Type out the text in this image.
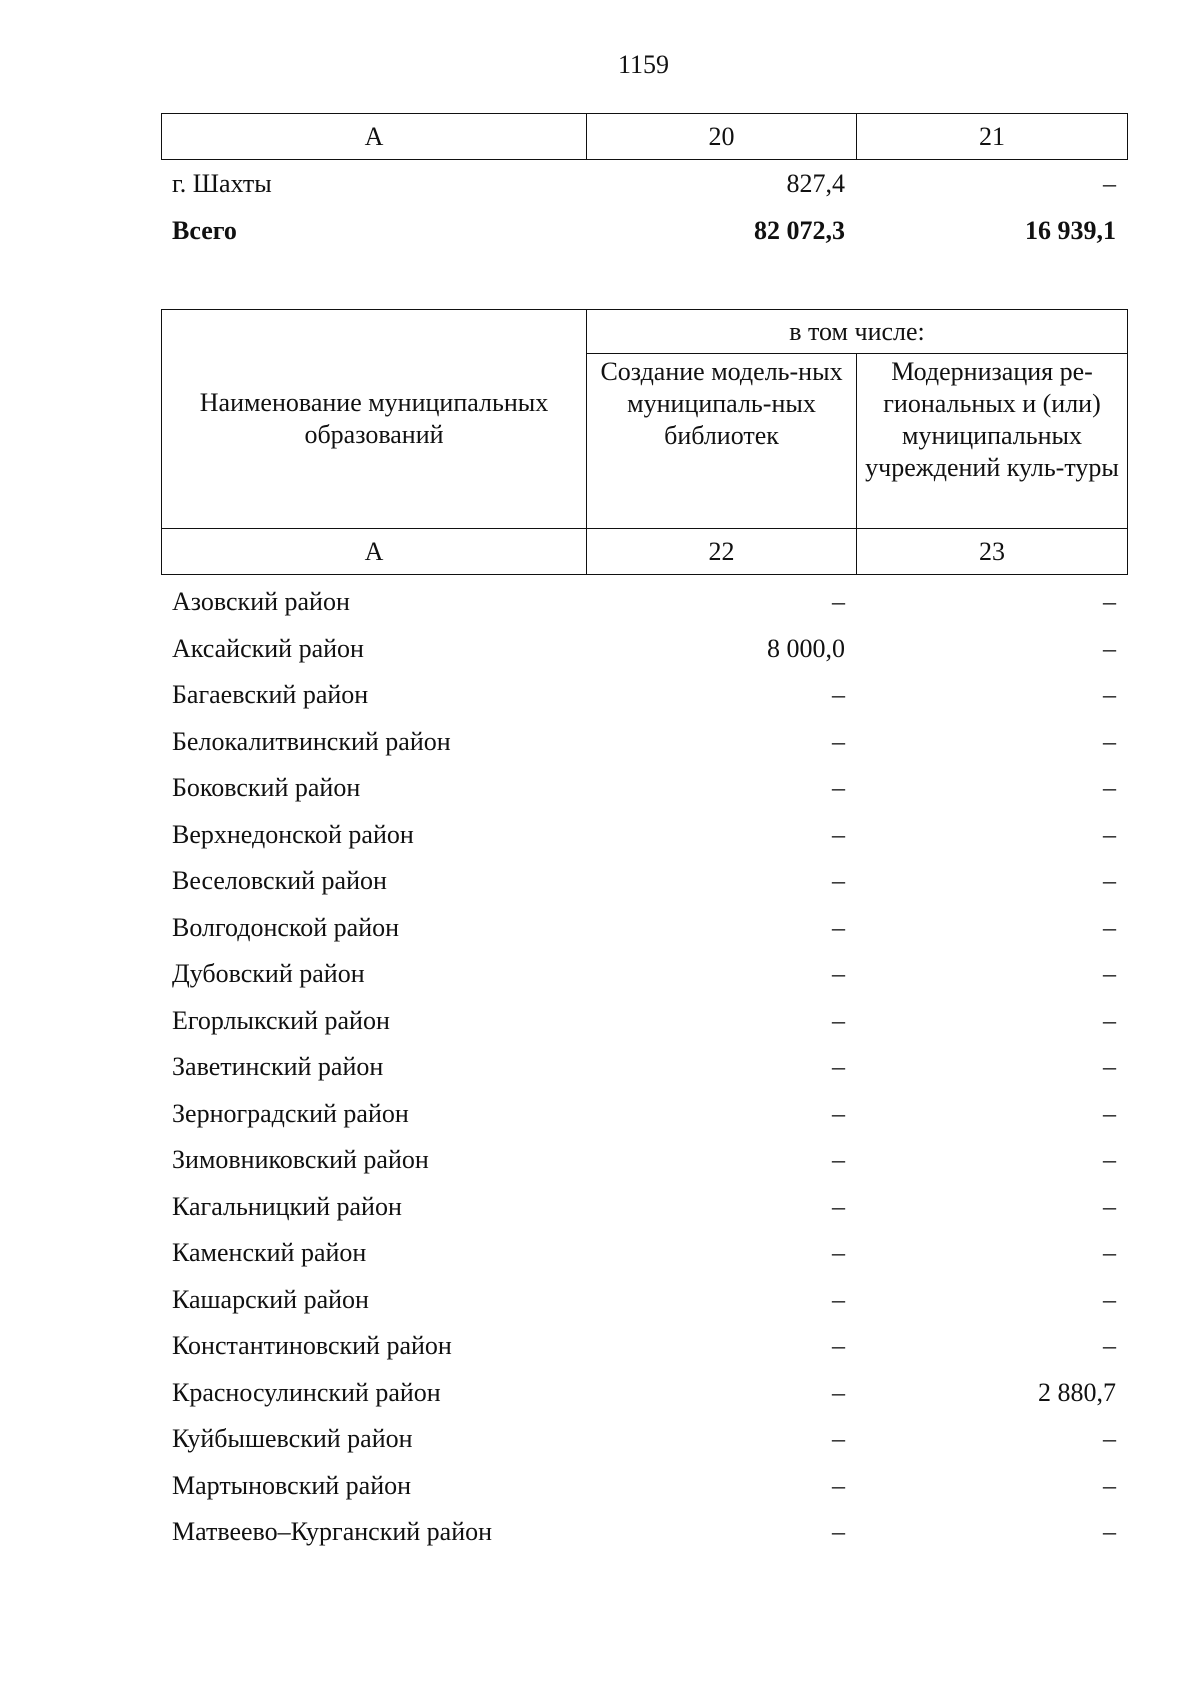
1159
А	20	21
г. Шахты	827,4	–
Всего	82 072,3	16 939,1
Наименование муниципальных образований	в том числе:	
	Создание модель-ных муниципаль-ных библиотек	Модернизация ре-гиональных и (или) муниципальных учреждений куль-туры
А	22	23
Азовский район	–	–
Аксайский район	8 000,0	–
Багаевский район	–	–
Белокалитвинский район	–	–
Боковский район	–	–
Верхнедонской район	–	–
Веселовский район	–	–
Волгодонской район	–	–
Дубовский район	–	–
Егорлыкский район	–	–
Заветинский район	–	–
Зерноградский район	–	–
Зимовниковский район	–	–
Кагальницкий район	–	–
Каменский район	–	–
Кашарский район	–	–
Константиновский район	–	–
Красносулинский район	–	2 880,7
Куйбышевский район	–	–
Мартыновский район	–	–
Матвеево–Курганский район	–	–
